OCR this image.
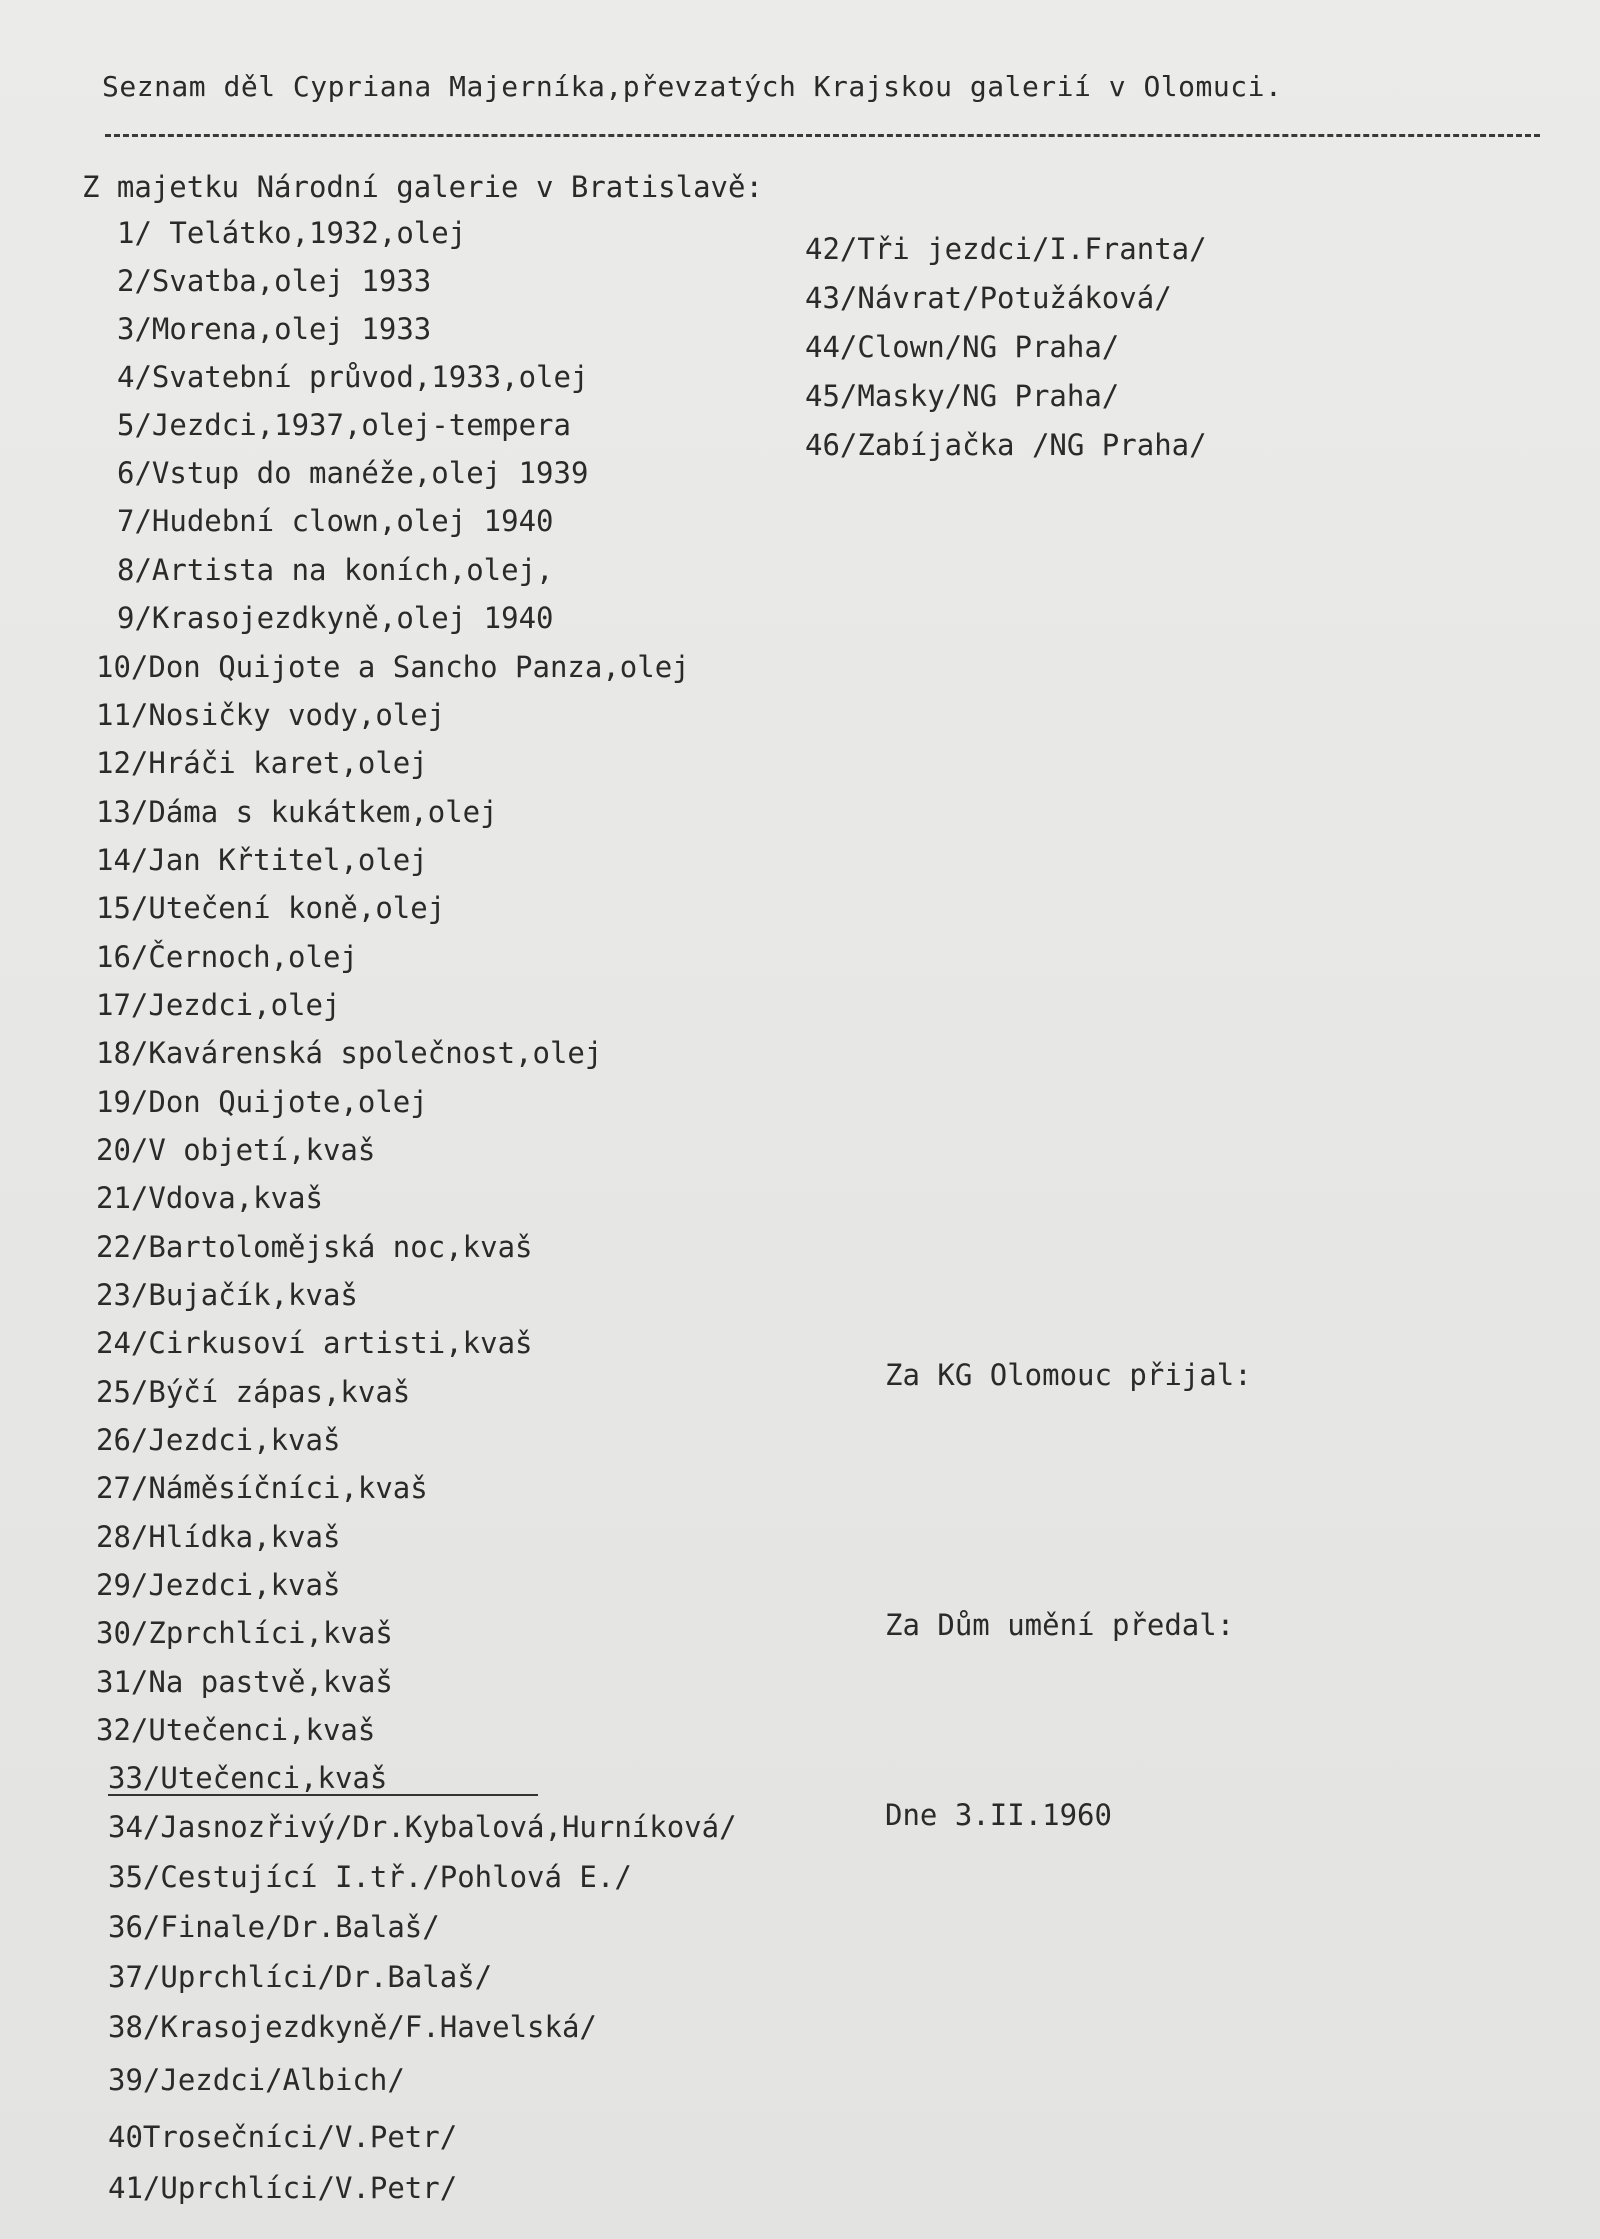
Seznam děl Cypriana Majerníka,převzatých Krajskou galerií v Olomuci.
Z majetku Národní galerie v Bratislavě:
1/ Telátko,1932,olej
2/Svatba,olej 1933
3/Morena,olej 1933
4/Svatební průvod,1933,olej
5/Jezdci,1937,olej-tempera
6/Vstup do manéže,olej 1939
7/Hudební clown,olej 1940
8/Artista na koních,olej,
9/Krasojezdkyně,olej 1940
10/Don Quijote a Sancho Panza,olej
11/Nosičky vody,olej
12/Hráči karet,olej
13/Dáma s kukátkem,olej
14/Jan Křtitel,olej
15/Utečení koně,olej
16/Černoch,olej
17/Jezdci,olej
18/Kavárenská společnost,olej
19/Don Quijote,olej
20/V objetí,kvaš
21/Vdova,kvaš
22/Bartolomějská noc,kvaš
23/Bujačík,kvaš
24/Cirkusoví artisti,kvaš
25/Býčí zápas,kvaš
26/Jezdci,kvaš
27/Náměsíčníci,kvaš
28/Hlídka,kvaš
29/Jezdci,kvaš
30/Zprchlíci,kvaš
31/Na pastvě,kvaš
32/Utečenci,kvaš
33/Utečenci,kvaš
34/Jasnozřivý/Dr.Kybalová,Hurníková/
35/Cestující I.tř./Pohlová E./
36/Finale/Dr.Balaš/
37/Uprchlíci/Dr.Balaš/
38/Krasojezdkyně/F.Havelská/
39/Jezdci/Albich/
40Trosečníci/V.Petr/
41/Uprchlíci/V.Petr/
42/Tři jezdci/I.Franta/
43/Návrat/Potužáková/
44/Clown/NG Praha/
45/Masky/NG Praha/
46/Zabíjačka /NG Praha/
Za KG Olomouc přijal:
Za Dům umění předal:
Dne 3.II.1960
